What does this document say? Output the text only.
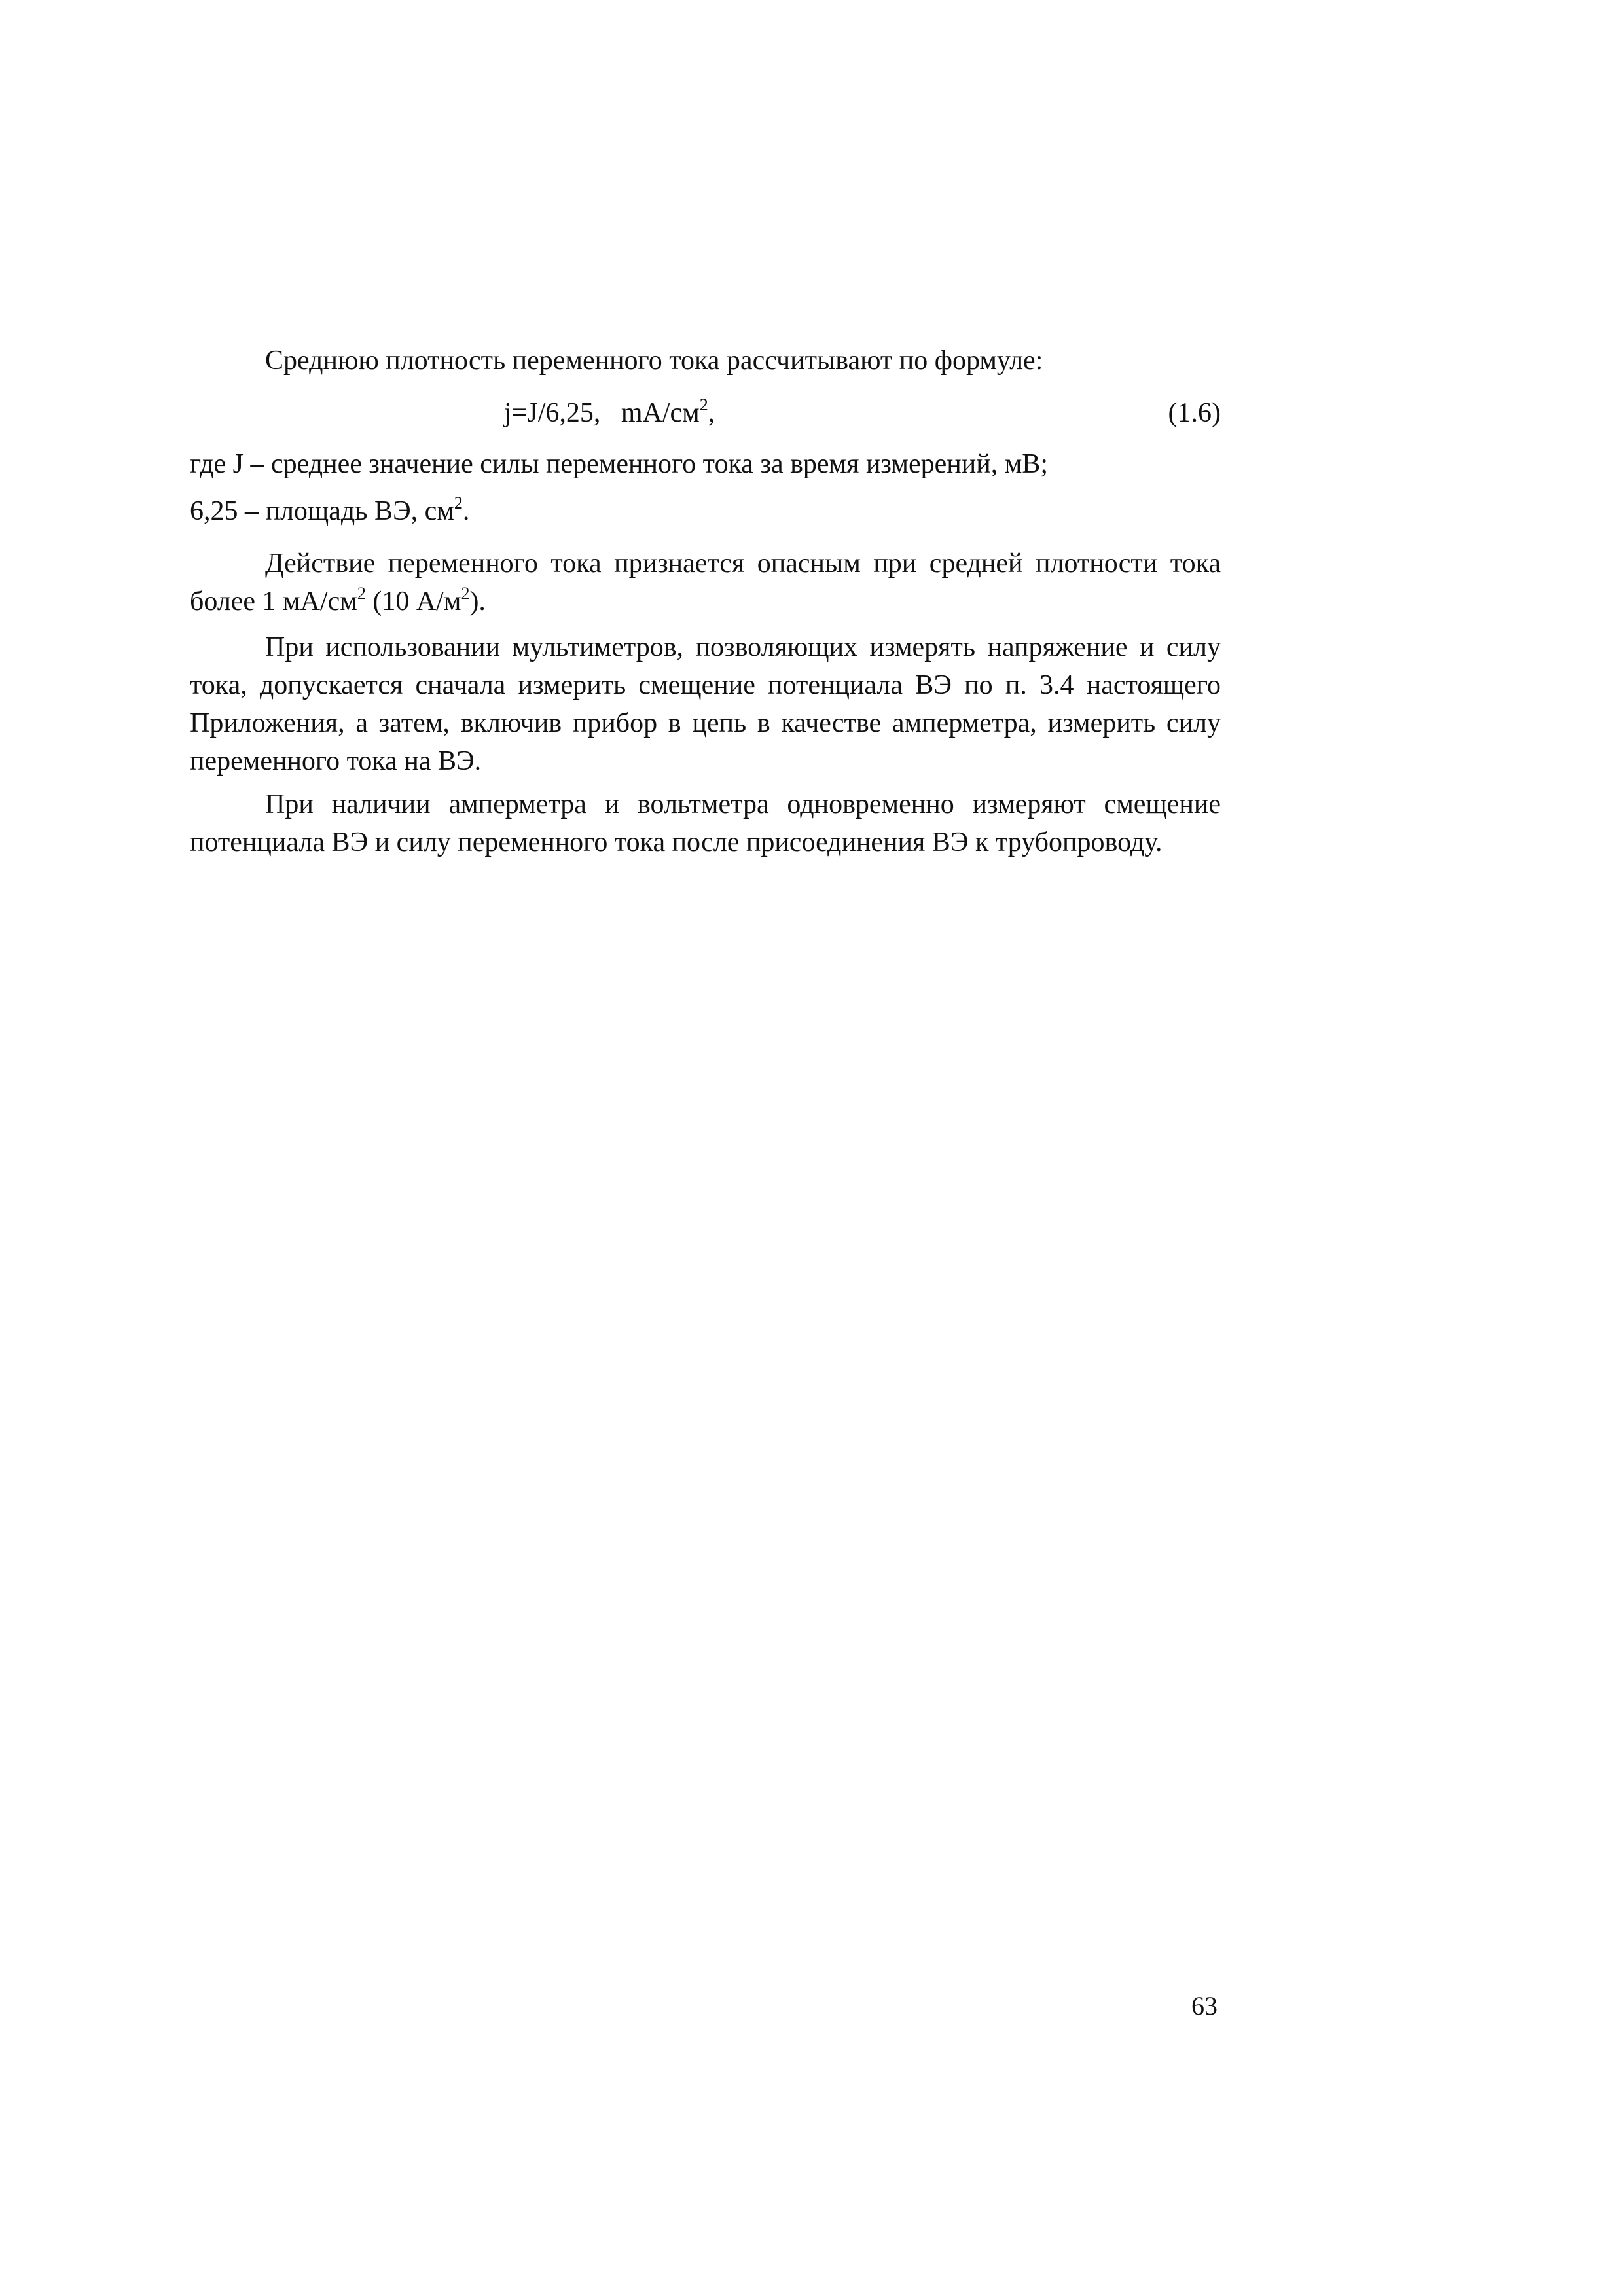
Среднюю плотность переменного тока рассчитывают по формуле:
j=J/6,25,   $mA/см^2$,	(1.6)
где J – среднее значение силы переменного тока за время измерений, мВ;
6,25 – площадь ВЭ, $см^2$.
Действие переменного тока признается опасным при средней плотности тока более 1 $мА/см^2$ (10 $А/м^2$).
При использовании мультиметров, позволяющих измерять напряжение и силу тока, допускается сначала измерить смещение потенциала ВЭ по п. 3.4 настоящего Приложения, а затем, включив прибор в цепь в качестве амперметра, измерить силу переменного тока на ВЭ.
При наличии амперметра и вольтметра одновременно измеряют смещение потенциала ВЭ и силу переменного тока после присоединения ВЭ к трубопроводу.
63
